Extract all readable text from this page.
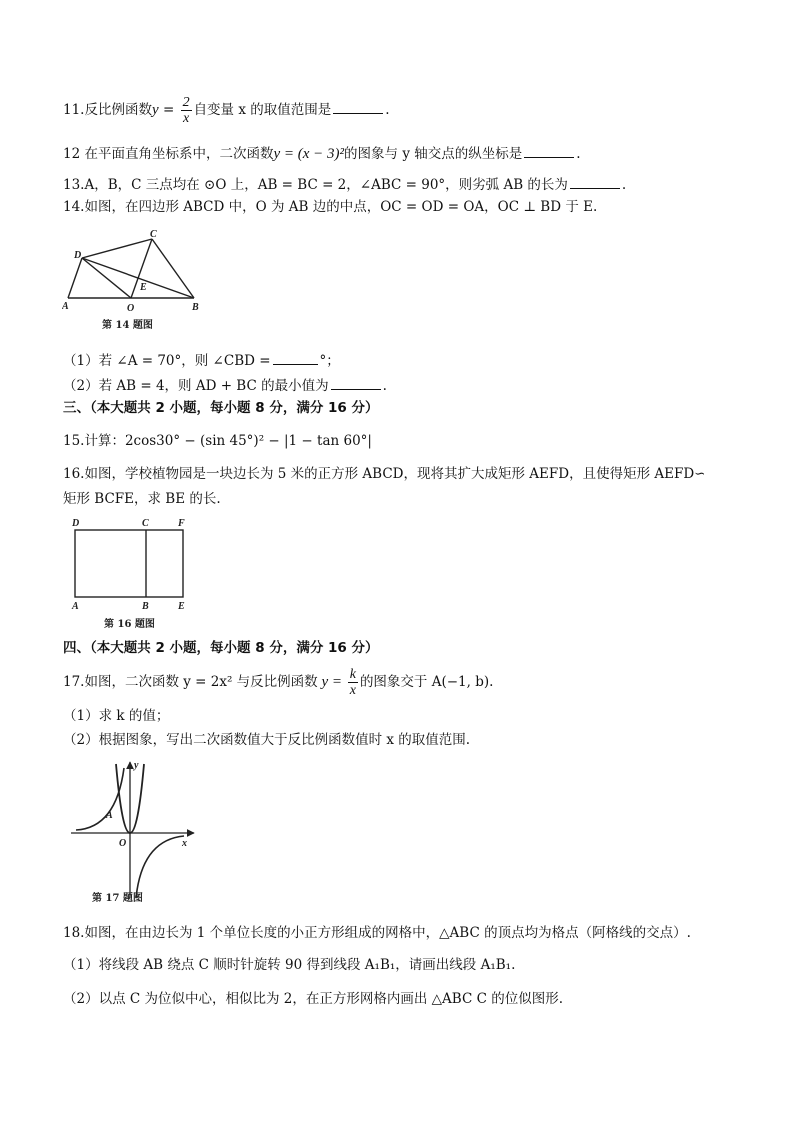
11.反比例函数$y = \frac{2}{x}$ 自变量 x 的取值范围是	.
12 在平面直角坐标系中，二次函数y = (x − 3)²的图象与 y 轴交点的纵坐标是	.
13.A，B，C 三点均在 ⊙O 上，AB = BC = 2，∠ABC = 90°，则劣弧 AB 的长为	.
14.如图，在四边形 ABCD 中，O 为 AB 边的中点，OC = OD = OA，OC ⊥ BD 于 E.
A	B
C
D
E
O
第 14 题图
（1）若 ∠A = 70°，则 ∠CBD =	°；
（2）若 AB = 4，则 AD + BC 的最小值为	.
三、（本大题共 2 小题，每小题 8 分，满分 16 分）
15.计算：2cos30° − (sin 45°)² − |1 − tan 60°|
16.如图，学校植物园是一块边长为 5 米的正方形 ABCD，现将其扩大成矩形 AEFD，且使得矩形 AEFD∽
矩形 BCFE，求 BE 的长.
D	C	F
A	B	E
第 16 题图
四、（本大题共 2 小题，每小题 8 分，满分 16 分）
17.如图，二次函数 y = 2x² 与反比例函数 $y = \frac{k}{x}$ 的图象交于 A(−1, b).
（1）求 k 的值；
（2）根据图象，写出二次函数值大于反比例函数值时 x 的取值范围.
y
x
O
A
第 17 题图
18.如图，在由边长为 1 个单位长度的小正方形组成的网格中，△ABC 的顶点均为格点（阿格线的交点）.
（1）将线段 AB 绕点 C 顺时针旋转 90 得到线段 A₁B₁，请画出线段 A₁B₁.
（2）以点 C 为位似中心，相似比为 2，在正方形网格内画出 △ABC C 的位似图形.
